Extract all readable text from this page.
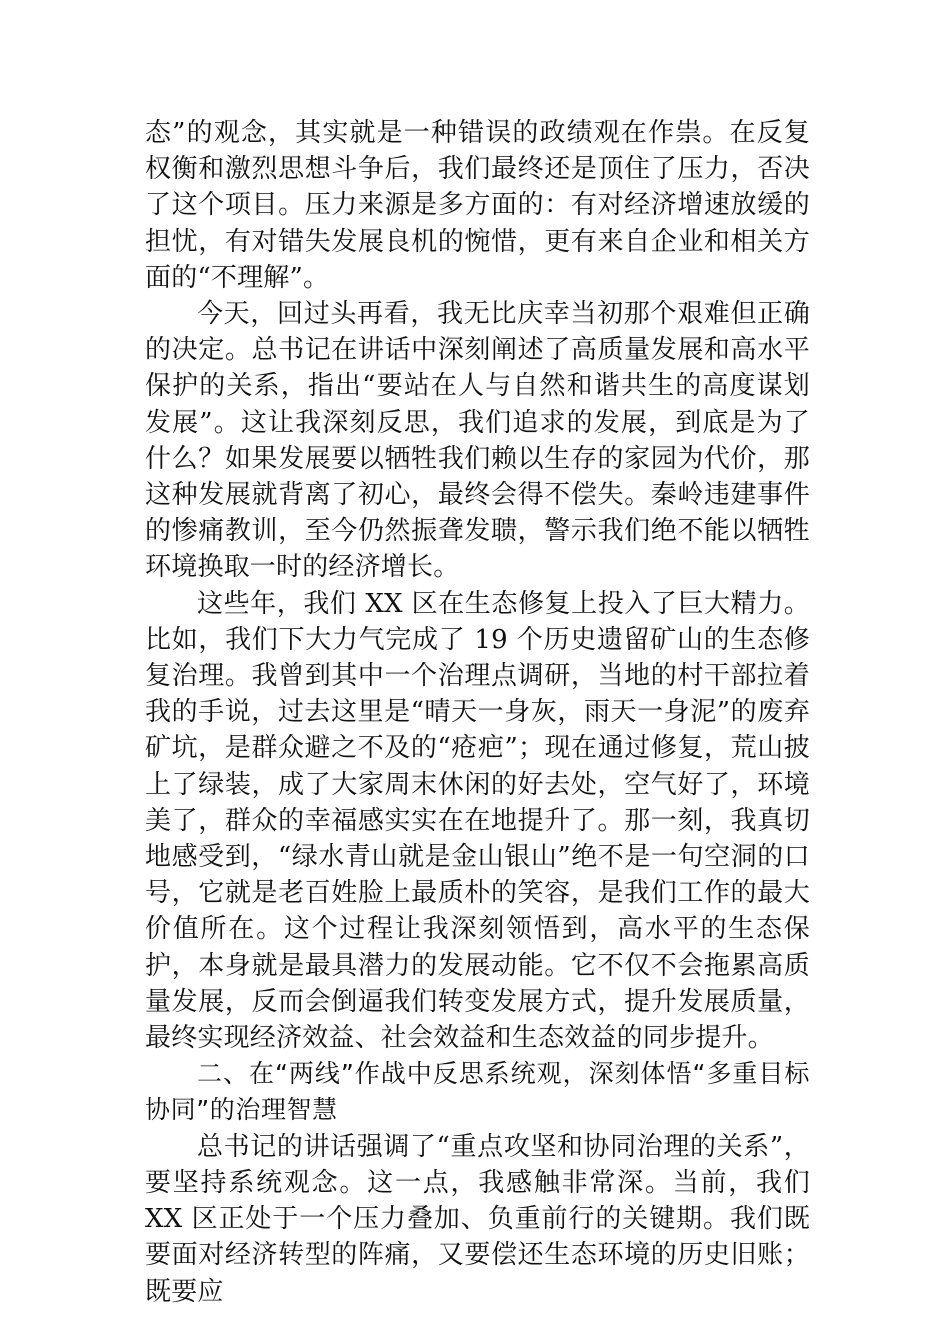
态”的观念，其实就是一种错误的政绩观在作祟。在反复权衡和激烈思想斗争后，我们最终还是顶住了压力，否决了这个项目。压力来源是多方面的：有对经济增速放缓的担忧，有对错失发展良机的惋惜，更有来自企业和相关方面的“不理解”。

今天，回过头再看，我无比庆幸当初那个艰难但正确的决定。总书记在讲话中深刻阐述了高质量发展和高水平保护的关系，指出“要站在人与自然和谐共生的高度谋划发展”。这让我深刻反思，我们追求的发展，到底是为了什么？如果发展要以牺牲我们赖以生存的家园为代价，那这种发展就背离了初心，最终会得不偿失。秦岭违建事件的惨痛教训，至今仍然振聋发聩，警示我们绝不能以牺牲环境换取一时的经济增长。

这些年，我们 XX 区在生态修复上投入了巨大精力。比如，我们下大力气完成了 19 个历史遗留矿山的生态修复治理。我曾到其中一个治理点调研，当地的村干部拉着我的手说，过去这里是“晴天一身灰，雨天一身泥”的废弃矿坑，是群众避之不及的“疮疤”；现在通过修复，荒山披上了绿装，成了大家周末休闲的好去处，空气好了，环境美了，群众的幸福感实实在在地提升了。那一刻，我真切地感受到，“绿水青山就是金山银山”绝不是一句空洞的口号，它就是老百姓脸上最质朴的笑容，是我们工作的最大价值所在。这个过程让我深刻领悟到，高水平的生态保护，本身就是最具潜力的发展动能。它不仅不会拖累高质量发展，反而会倒逼我们转变发展方式，提升发展质量，最终实现经济效益、社会效益和生态效益的同步提升。

二、在“两线”作战中反思系统观，深刻体悟“多重目标协同”的治理智慧

总书记的讲话强调了“重点攻坚和协同治理的关系”，要坚持系统观念。这一点，我感触非常深。当前，我们 XX 区正处于一个压力叠加、负重前行的关键期。我们既要面对经济转型的阵痛，又要偿还生态环境的历史旧账；既要应
